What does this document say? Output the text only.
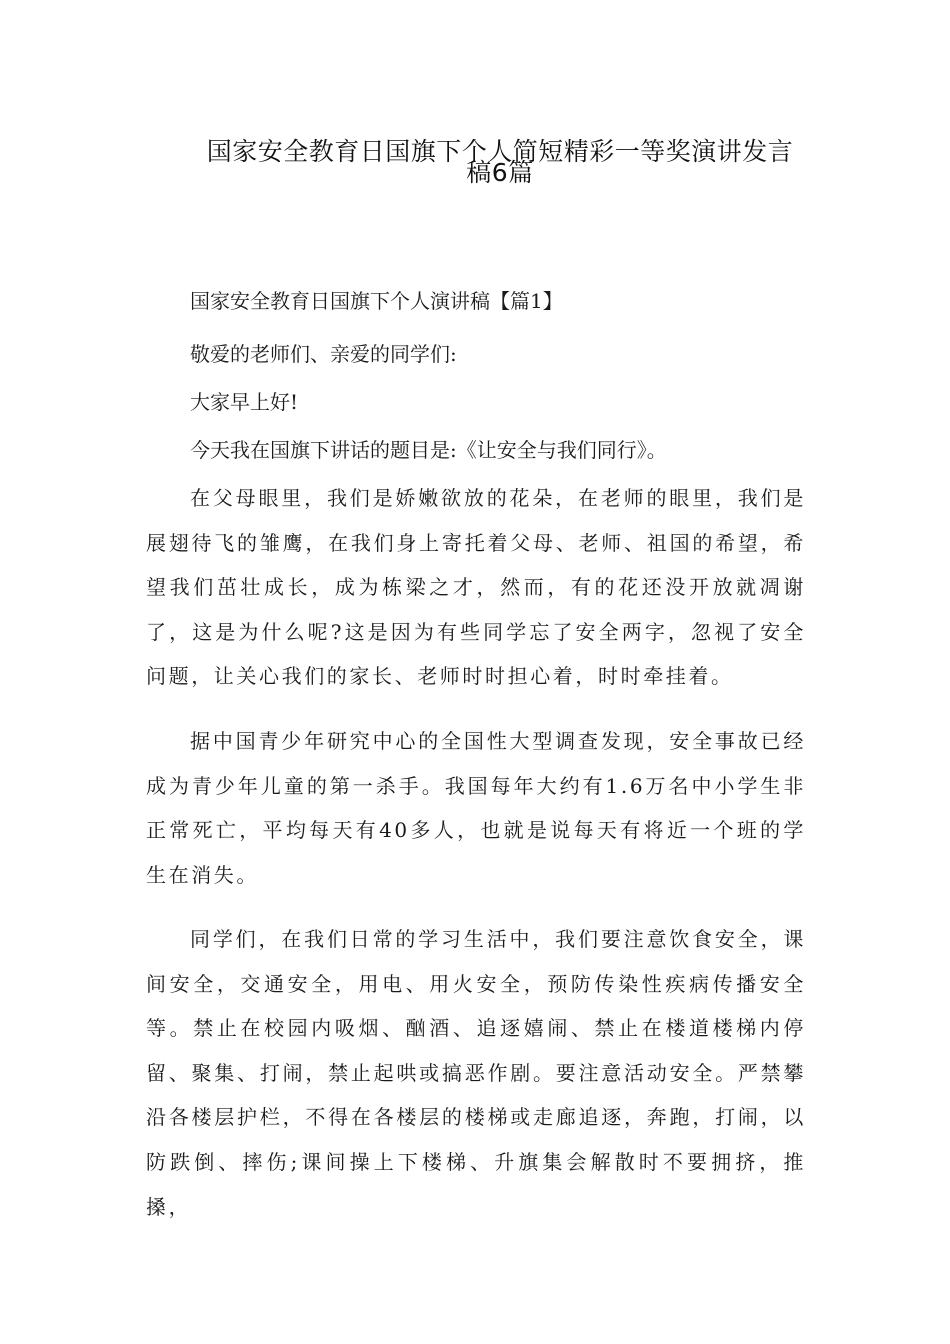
国家安全教育日国旗下个人简短精彩一等奖演讲发言
稿6篇
国家安全教育日国旗下个人演讲稿【篇1】
敬爱的老师们、亲爱的同学们:
大家早上好!
今天我在国旗下讲话的题目是:《让安全与我们同行》。

在父母眼里，我们是娇嫩欲放的花朵，在老师的眼里，我们是展翅待飞的雏鹰，在我们身上寄托着父母、老师、祖国的希望，希望我们茁壮成长，成为栋梁之才，然而，有的花还没开放就凋谢了，这是为什么呢?这是因为有些同学忘了安全两字，忽视了安全问题，让关心我们的家长、老师时时担心着，时时牵挂着。

据中国青少年研究中心的全国性大型调查发现，安全事故已经成为青少年儿童的第一杀手。我国每年大约有1.6万名中小学生非正常死亡，平均每天有40多人，也就是说每天有将近一个班的学生在消失。

同学们，在我们日常的学习生活中，我们要注意饮食安全，课间安全，交通安全，用电、用火安全，预防传染性疾病传播安全等。禁止在校园内吸烟、酗酒、追逐嬉闹、禁止在楼道楼梯内停留、聚集、打闹，禁止起哄或搞恶作剧。要注意活动安全。严禁攀沿各楼层护栏，不得在各楼层的楼梯或走廊追逐，奔跑，打闹，以防跌倒、摔伤;课间操上下楼梯、升旗集会解散时不要拥挤，推搡，
